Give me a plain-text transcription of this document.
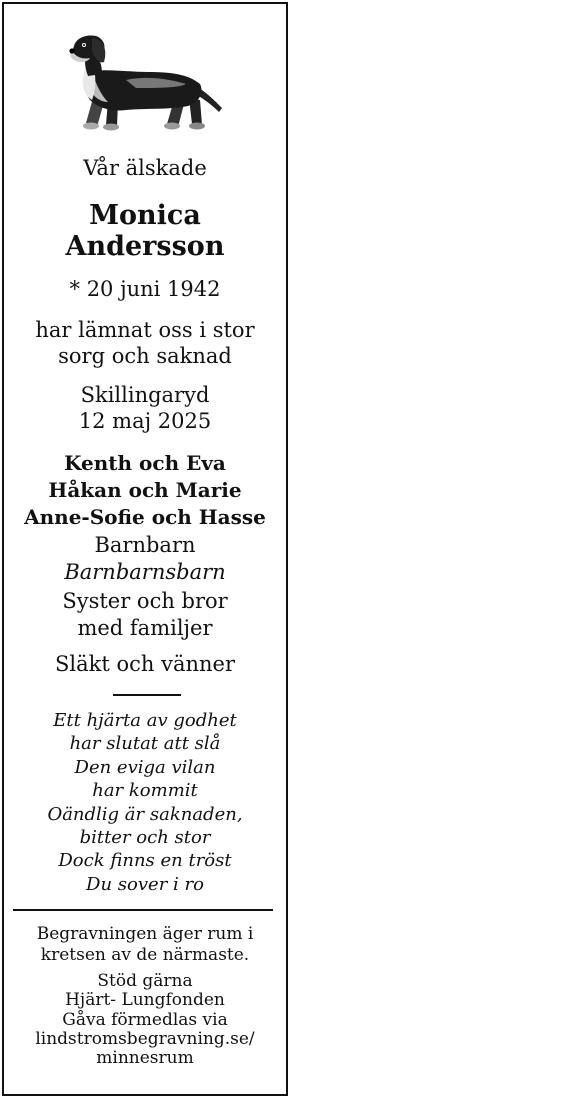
Vår älskade
Monica
Andersson
* 20 juni 1942
har lämnat oss i stor
sorg och saknad
Skillingaryd
12 maj 2025
Kenth och Eva
Håkan och Marie
Anne-Sofie och Hasse
Barnbarn
Barnbarnsbarn
Syster och bror
med familjer
Släkt och vänner
Ett hjärta av godhet
har slutat att slå
Den eviga vilan
har kommit
Oändlig är saknaden,
bitter och stor
Dock finns en tröst
Du sover i ro
Begravningen äger rum i
kretsen av de närmaste.
Stöd gärna
Hjärt- Lungfonden
Gåva förmedlas via
lindstromsbegravning.se/
minnesrum
